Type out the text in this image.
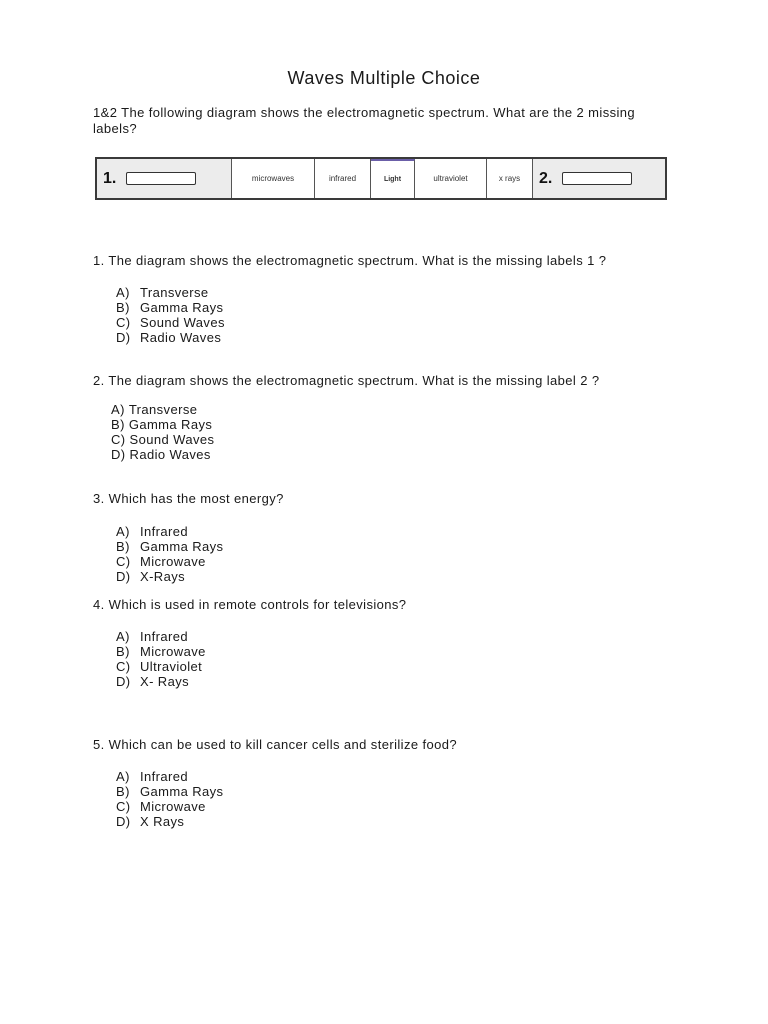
Waves Multiple Choice
1&2 The following diagram shows the electromagnetic spectrum. What are the 2 missing labels?
1.	microwaves	infrared	Light	ultraviolet	x rays	2.
1. The diagram shows the electromagnetic spectrum. What is the missing labels 1 ?
A) Transverse
B) Gamma Rays
C) Sound Waves
D) Radio Waves
2. The diagram shows the electromagnetic spectrum. What is the missing label 2 ?
A) Transverse
B) Gamma Rays
C) Sound Waves
D) Radio Waves
3. Which has the most energy?
A) Infrared
B) Gamma Rays
C) Microwave
D) X-Rays
4. Which is used in remote controls for televisions?
A) Infrared
B) Microwave
C) Ultraviolet
D) X- Rays
5. Which can be used to kill cancer cells and sterilize food?
A) Infrared
B) Gamma Rays
C) Microwave
D) X Rays
